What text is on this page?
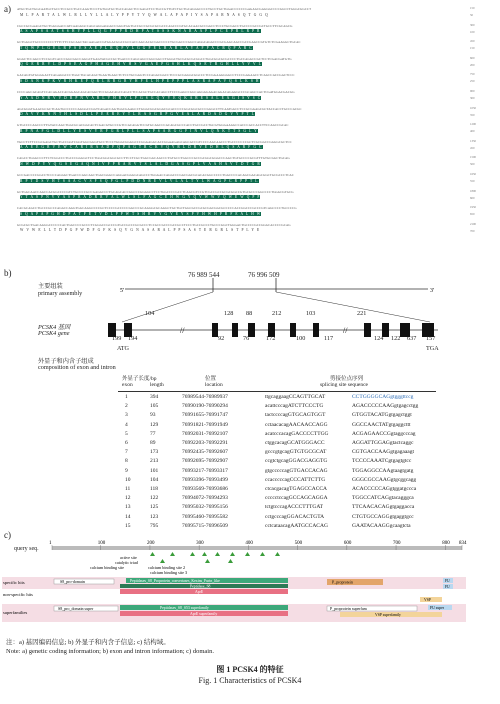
a) ATGCTGCTGGCAATGCTGCCTCCGCCTGCCAAGTCCCTGTGGTGCTGCCAGGCTCCGAGCTCCTGCCGTTGTCTGCTGCAGGGCCCCTGCCTGCTGGACCCCCCGAGAGCGAGGGCCCCGGCCTGGGCGGCCT
M L P A R T A L W L R L L Y L L A L Y P P Y T V Q W A L A P A P I Y S A P A R N A S Q T G G Q
150
50
CGCCGCGAAGCTGCTGGGGACCATCAAGGGCCAGCAGGAGGGCCGGGTGGTGCCGCCGCGCGCGCCCAGCCCGTGCACAACGCCGGCCTCCCTGCGGCCTGCCCCGCCGCTGCCTTCGCAGCG
A S A P S A A T S S H Y P L L Q G F P P R D H P A T S S S K N A R A A P L P C E P R L R P R
300
100
GCTGGGCTGCCCCCCCCTTTCTTCCGCAGCTACAAGACCGTGGACGGCCGCCACCAGCACGCGGCCCCCTGCGGCCCGGCCAGGCAGGCCCGCGAGCAGCCGCCGAGCCGTGTCTCGAAGGCTGCAC
T Q W P L G E L R P S E S A E P L R Q P V L G G F E L R A R L A Y A F P A C R Q P A R C
450
150
GGGCTCCAGCCTCCGGTCACCCGGCGGCCAGGCTGAGTACGCCGCTGACCCCAGCAGCCGGCGGCCTGGGCTGCGCGCGCGGCCTGGCGGCGCGCCCCTGCCAGGCCGCTCCTCGACGATGTG
Q G E R R V L D P S E A G P H A G E H V H S V G A E P G S H L K Q S E T R G H L L Y V V L
600
200
GACAGTGTGGGGACTCAGAGGCCCTGGCTGCACAGCTGAGTGAGCTCTCCTGCGGGTCCCAGGCGGCCTCCCGCGGGGCGGCCCTCCGGAAGGGGCCTCCCGAGAACCTCAGCCACCGACTCCC
S D A N K P K V R H K E F Q R L R R G R Y H F E L H P E P P P L A S R A P A V Q S L K S H
750
250
CCCCAGCACAGTCCACAGACCACGGAGCAGCACGGCTCCGGACAGCCAGCCTCCACGCTGCCACAGCCTCCCGAGCCGGCAGGGGAGACAGACAGAGGCCCGCAGCCACTCGATGGACGACGG
Y A A D N R V V D R P N V A R L V H R V L F G S G Q Y V E Q K A R E S A L E A G I S Y S C
900
300
AGCGGGTGAACGCGCTCAGTGCCCCCCAGGGCCGGTCAGACCAGTGGCGAAGCCTGGGCGGCGGGCGCACCCCCGGCGGCGCCCGGGCCTTCAATGGCCTCCGCGGAGCGCTACCACCTGCCCACGC
D A V Y K N N T H L S D L L P E E R E Y T L R A S G R P G V E A L A R D A D G V Y P T L
1050
350
GTGCCCCAGCCCTTGTACCAGCTGGCGCACGGCACTCGACGTGCCCGTCCACAGGTCCGTGCAGCCCACAGCGCCCACCTGCCGCCTGCGTGGGAAGGCCACCCACCACCTTCCAGCCGCAC
R P N A F G L D L L Y E S V Y R F G R L P L L S A P S A R G G F I N V L Q N K T T S G L Y
1200
400
TGCCTCTTCCGCGAGCTGCTGCCGGTCGGTGGCGGGTGCCTCCCTGGGCGGGGCCCGGGAGGCACCGGAAGAGCAGCACCGTCCCCAGCAACCCTGCCCCCCCGCTCGCGGCCGGGGCGCTCC
A A E E G R V E W C A R I R A A D F Q P A G T R C K V Q Y R L D R V E D H L Q S A R F G C
1350
450
CAGCCTGGGCCCTTCTCGGCCCTGCCCGGGGCTCCTGGCGGCGGCGCCTTCCTCGCTGGCGGCAGCCCTGTGCCTGGCCCGCCGCGGCGGGCCCAGCTGTGCCCCGCGTTTGTGCGGCTGCAG
N W D P Y Y Q G S E G A Q N I V F P R A R V T S L A L D G A S G P L V A A H A V T D T G R
1500
500
GCCGACCCCGGCCTCCCCAGGGCTGACCCAGCAGCTGGCGGGCCAGGACGGGGCAGCCCTGGGACCAGGCCCGGCGGCGCACACGGCCCCCTGGCCCCACAGCGACAGCGGCTGCGCCCTCAC
R P T D S V H T S A A C V S F S Q P G L P D D N R E V L V L A L T Y L W A G P C R P P T L
1650
550
GCTGGCAACCAGCCACGGCCCCGTCTGCCCCGCCGAGGCCCTGCAGCACCGGCCCGGGGCCTCCTGGCCCCGCCTCAGCGTCCGTCGCCGCCGCGCGGCCGTGCGCCCGGCCCCTGGGCGTGCG
Y T A S P N V Y A S P R A D R R V A L W L S L F A G C E H W G Y Q V W W V Q W E W Q P P
1800
600
CACGCAGCCTGCCCGCCCAGGCCAGGTGGCAGGCCCCGCTCCCCGCCCCCGGCCCGCAGGGCGCAGGCTGCTGCTGGCGCCGCGCGGCGGCGCCCCCACCGGCCCGCCCGTCAGCCCCTGCCCCG
S Q A P A P G H D P A T F E T V D L P P W T S H R V Y G V E Y S P V H W H P R F E A L H W
1950
650
GCGCGCTGACAGGGCCCCCCACTGGCCCCGCCCTCGGGCCGCCCGTGCCGCCCGCGCCCTCCGCCGCCCGCCGCCTCCCTGCCGCCCTGCCCGGCTGGGACTGCCCCGCCGGGCACCCCGCAG
W V W E L L T D P G P W D F G F K S Q V G N A S A R A L P P S A S T E R G R L S T P L Y E
2100
700
b)	76 989 544	76 996 509
主要组装
primary assembly	5'	3'
//	//
PCSK4 基因
PCSK4 gene
104	128 88	212	103	221
199 194	92	76	172	100	117	124 122 637 157
ATG	TGA
外显子和内含子组成
composition of exon and intron
外显子长度/bp	位置	剪接位点序列
exon	length	location	splicing site sequence
1	394	76989544-76989937	ttgcaggaagCCAGTTGCAT	CCTGGGGCAGgtgggttccg
2	105	76990190-76990294	acattcccagATCTTCCCTG	AGACCCCCAAGgtgagcctgg
3	93	76991655-76991747	tactccccagGTGCAGTGGT	GTGGTACATGgtgagctggt
4	129	76991821-76991949	cctaacacagAACAACCAGG	GGCCAACTATgtgaggcttt
5	77	76992031-76992107	acatcccacagGACCCCTTGG	ACGAGAACCGgtaggcccag
6	89	76992203-76992291	ctggcacagGCATGGGACC	AGGATTGGAGgtactcaggc
7	173	76992435-76992607	gcccgtgcagGTGTGCGCAT	CGTGACCAAGgtgagaaagt
8	213	76992695-76992907	ccgtctgcagGGACGAGGTG	TCCCCAAATCgtgagtgtcc
9	101	76993217-76993317	gtgcccccagGTGACCACAG	TGGAGGCCAAgtaagtgatg
10	104	76993396-76993499	ccacccccagCCCATTCTTG	GGGCGCCAAGgtgcggcagg
11	118	76993569-76993686	ctcacgacagTGAGCCACCA	ACACCCCCAGgtggatgccca
12	122	76994072-76994293	ccccctccagGCCAGCAGGA	TGGCCATCAGgtacagggca
13	125	76995032-76995156	tctgtcccagACCCTTTGAT	TTCAACACAGgtgaggacca
14	123	76995460-76995582	cctgcccagGGACACTGTA	CTGTGCCAGGgtgaggtgcc
15	795	76995715-76996509	cctcataacagAATGCCACAG	GAATACAAGGgcaagtcta
c)
query seq.
1	100	200	300	400	500	600	700	800 834
active site
catalytic triad
calcium binding site	calcium binding site 2
calcium binding site 3
S8_pro-domain	Peptidases_S8_Proprotein_convertases_Kexins_Furin_like
Peptidase_S8
AprE
P_proprotein	FU
FU
S8_pro_domain super	Peptidases_S8_S53 superfamily
AprE superfamily
P_proprotein superfam
VSP
FU super
VSP superfamily
specific hits
non-specific hits
superfamilies
注：a) 基因编码信息; b) 外显子和内含子信息; c) 结构域。
Note: a) genetic coding information; b) exon and intron information; c) domain.
图 1 PCSK4 的特征
Fig. 1 Characteristics of PCSK4
